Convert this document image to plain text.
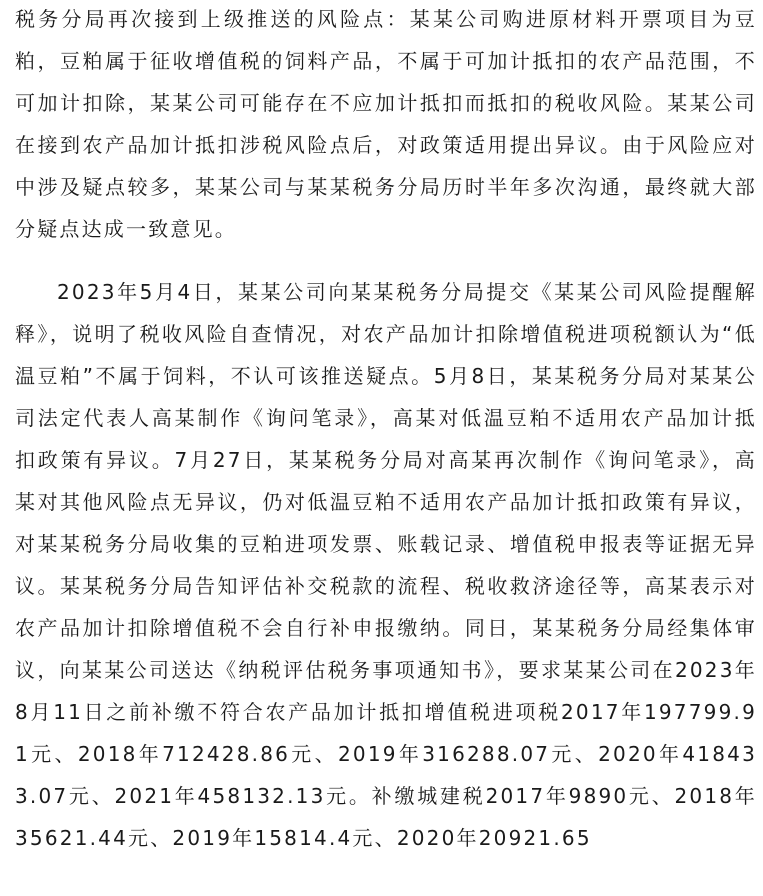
税务分局再次接到上级推送的风险点：某某公司购进原材料开票项目为豆粕，豆粕属于征收增值税的饲料产品，不属于可加计抵扣的农产品范围，不可加计扣除，某某公司可能存在不应加计抵扣而抵扣的税收风险。某某公司在接到农产品加计抵扣涉税风险点后，对政策适用提出异议。由于风险应对中涉及疑点较多，某某公司与某某税务分局历时半年多次沟通，最终就大部分疑点达成一致意见。

2023年5月4日，某某公司向某某税务分局提交《某某公司风险提醒解释》，说明了税收风险自查情况，对农产品加计扣除增值税进项税额认为“低温豆粕”不属于饲料，不认可该推送疑点。5月8日，某某税务分局对某某公司法定代表人高某制作《询问笔录》，高某对低温豆粕不适用农产品加计抵扣政策有异议。7月27日，某某税务分局对高某再次制作《询问笔录》，高某对其他风险点无异议，仍对低温豆粕不适用农产品加计抵扣政策有异议，对某某税务分局收集的豆粕进项发票、账载记录、增值税申报表等证据无异议。某某税务分局告知评估补交税款的流程、税收救济途径等，高某表示对农产品加计扣除增值税不会自行补申报缴纳。同日，某某税务分局经集体审议，向某某公司送达《纳税评估税务事项通知书》，要求某某公司在2023年8月11日之前补缴不符合农产品加计抵扣增值税进项税2017年197799.91元、2018年712428.86元、2019年316288.07元、2020年418433.07元、2021年458132.13元。补缴城建税2017年9890元、2018年35621.44元、2019年15814.4元、2020年20921.65
